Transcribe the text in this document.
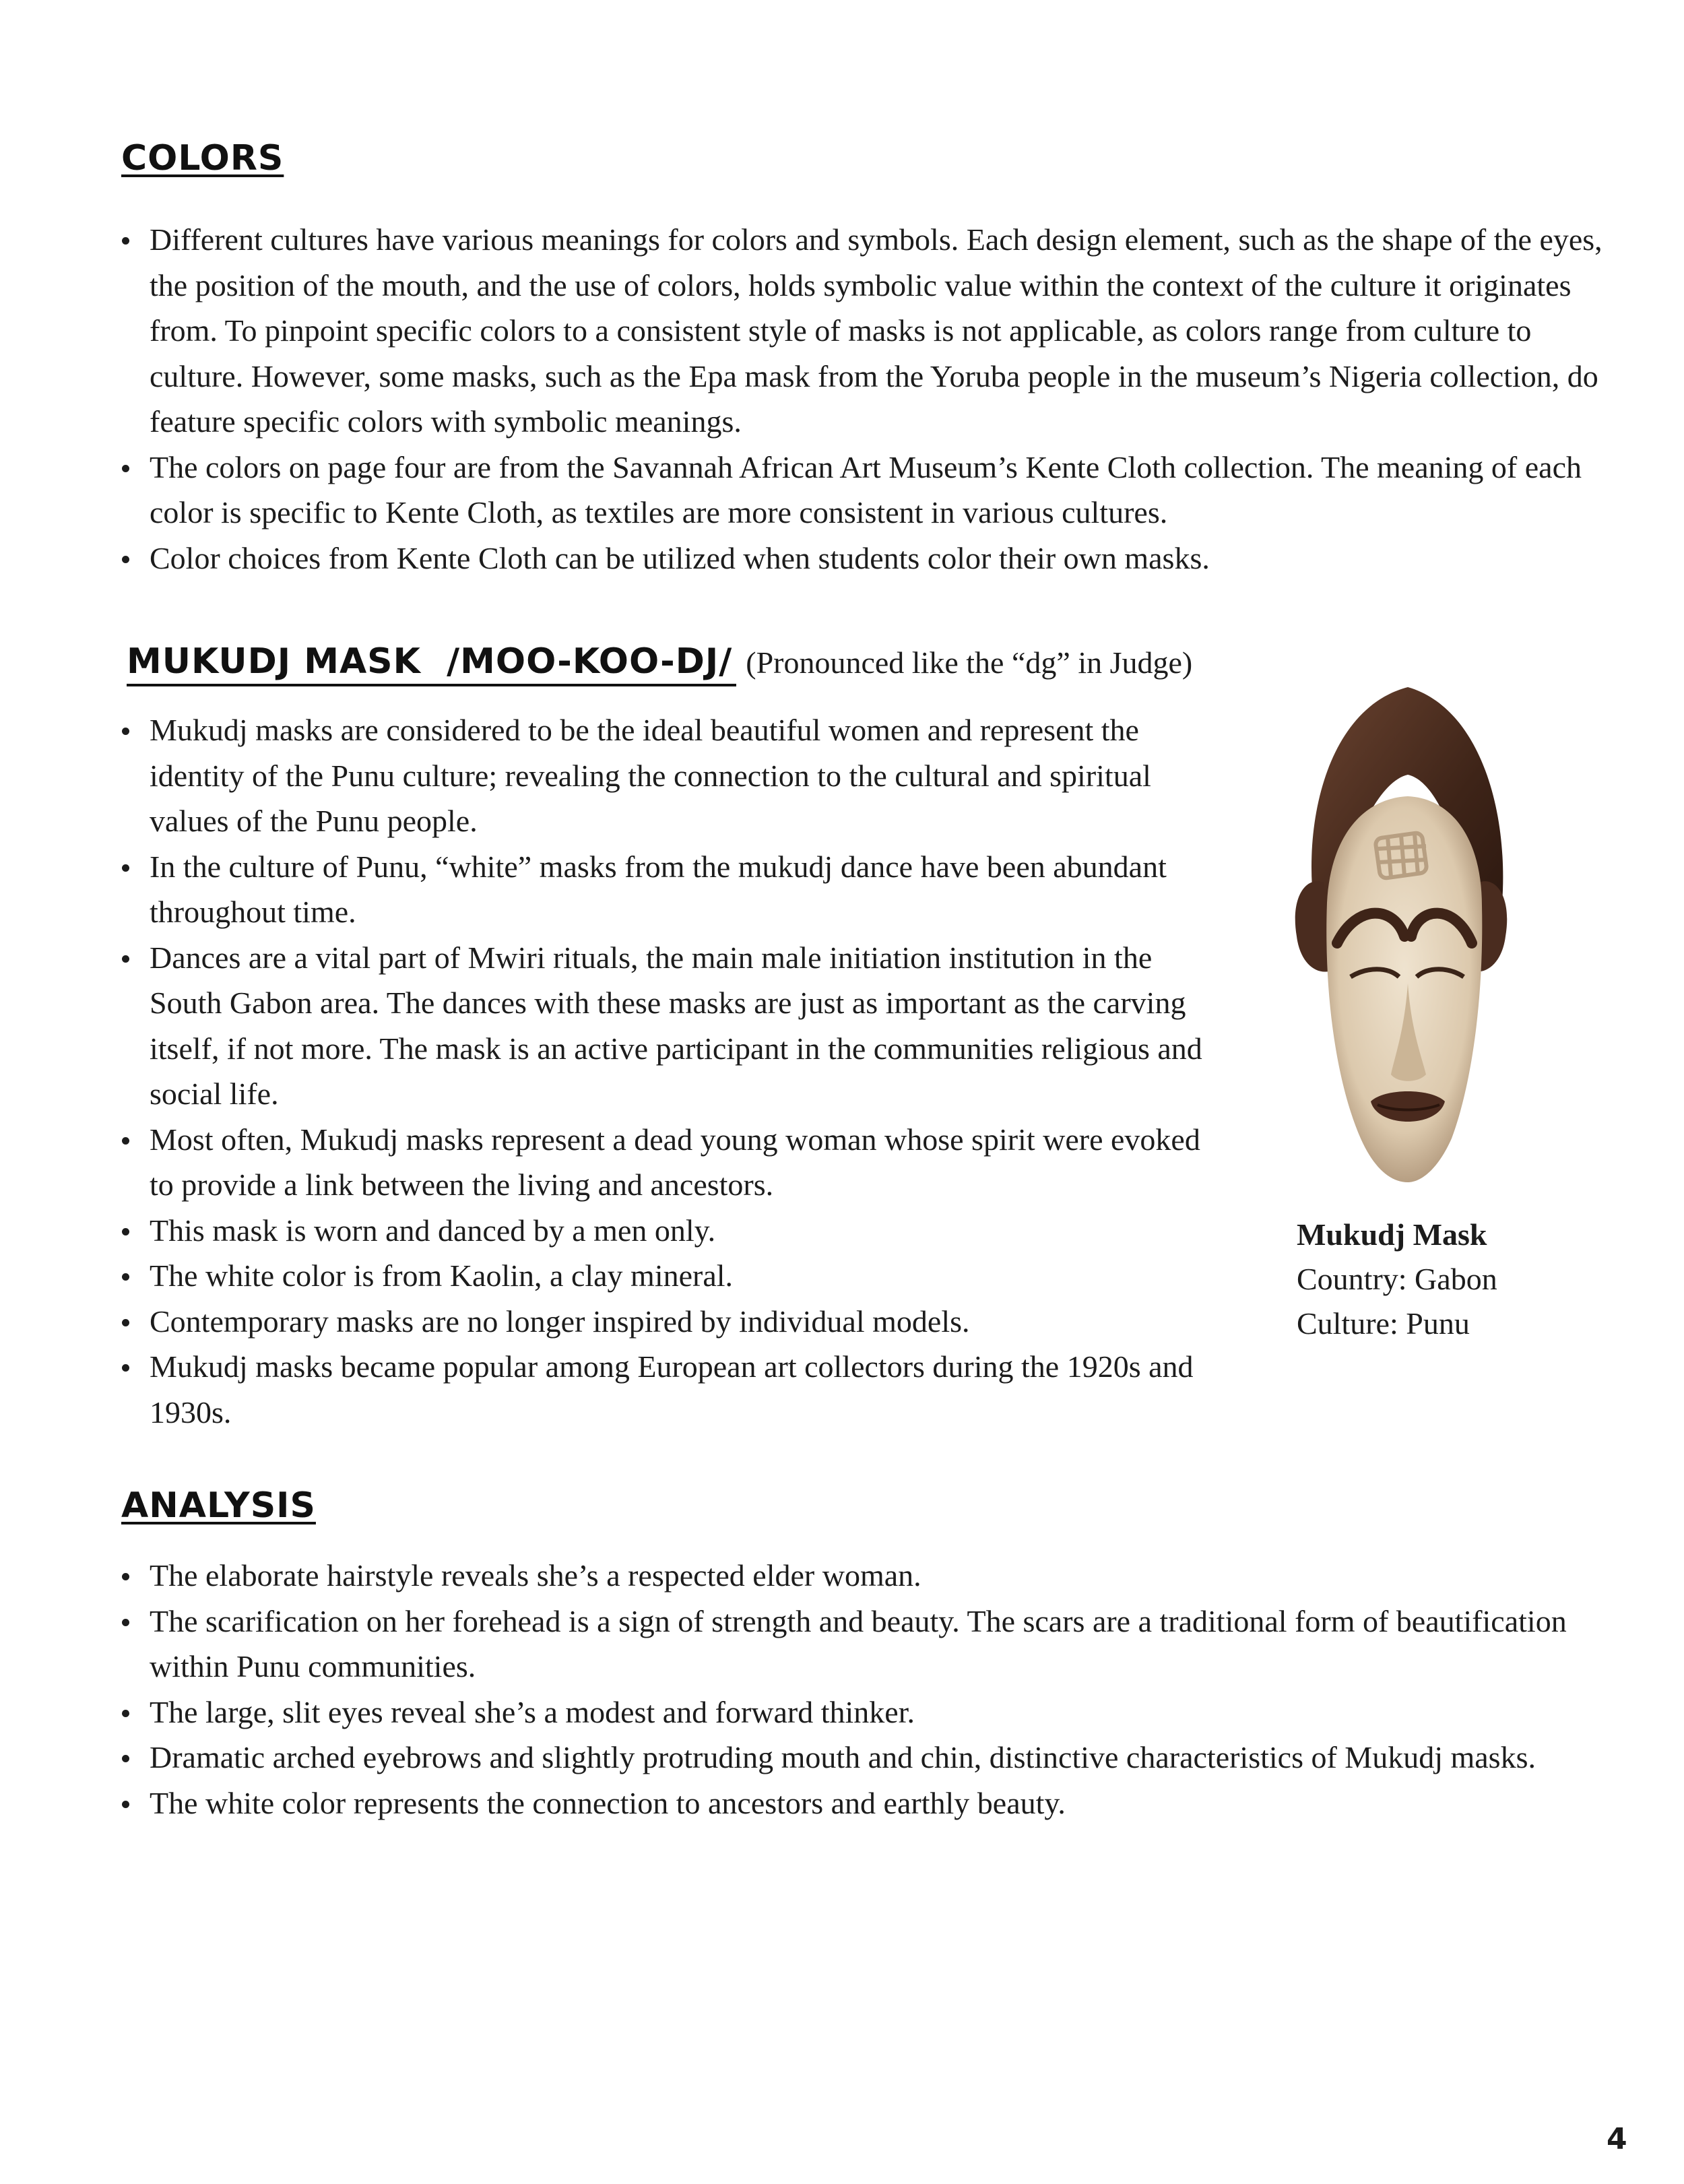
COLORS
Different cultures have various meanings for colors and symbols. Each design element, such as the shape of the eyes, the position of the mouth, and the use of colors, holds symbolic value within the context of the culture it originates from. To pinpoint specific colors to a consistent style of masks is not applicable, as colors range from culture to culture. However, some masks, such as the Epa mask from the Yoruba people in the museum’s Nigeria collection, do feature specific colors with symbolic meanings.
The colors on page four are from the Savannah African Art Museum’s Kente Cloth collection. The meaning of each color is specific to Kente Cloth, as textiles are more consistent in various cultures.
Color choices from Kente Cloth can be utilized when students color their own masks.
MUKUDJ MASK  /MOO-KOO-DJ/ (Pronounced like the “dg” in Judge)
Mukudj masks are considered to be the ideal beautiful women and represent the identity of the Punu culture; revealing the connection to the cultural and spiritual values of the Punu people.
In the culture of Punu, “white” masks from the mukudj dance have been abundant throughout time.
Dances are a vital part of Mwiri rituals, the main male initiation institution in the South Gabon area. The dances with these masks are just as important as the carving itself, if not more. The mask is an active participant in the communities religious and social life.
Most often, Mukudj masks represent a dead young woman whose spirit were evoked to provide a link between the living and ancestors.
This mask is worn and danced by a men only.
The white color is from Kaolin, a clay mineral.
Contemporary masks are no longer inspired by individual models.
Mukudj masks became popular among European art collectors during the 1920s and 1930s.
Mukudj Mask
Country: Gabon
Culture: Punu
ANALYSIS
The elaborate hairstyle reveals she’s a respected elder woman.
The scarification on her forehead is a sign of strength and beauty. The scars are a traditional form of beautification within Punu communities.
The large, slit eyes reveal she’s a modest and forward thinker.
Dramatic arched eyebrows and slightly protruding mouth and chin, distinctive characteristics of Mukudj masks.
The white color represents the connection to ancestors and earthly beauty.
4
